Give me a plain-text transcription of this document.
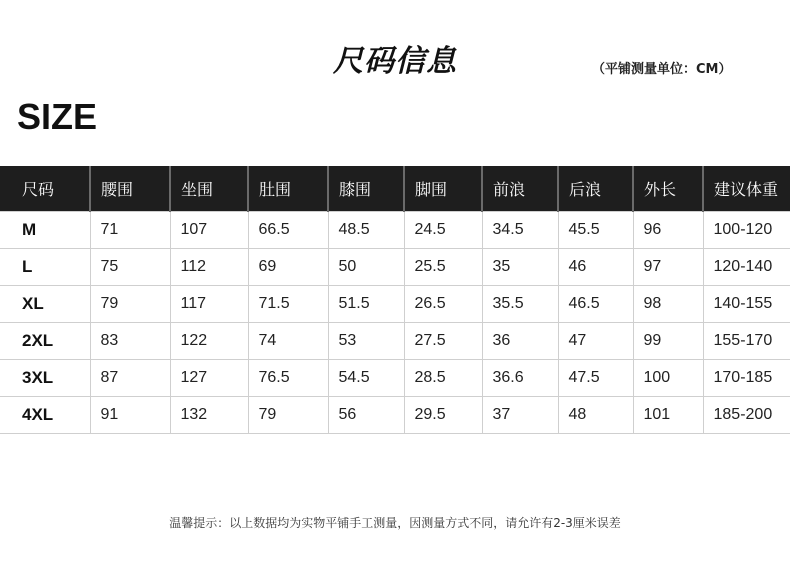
尺码信息	（平铺测量单位：CM）
SIZE
尺码	腰围	坐围	肚围	膝围	脚围	前浪	后浪	外长	建议体重
M	71	107	66.5	48.5	24.5	34.5	45.5	96	100-120
L	75	112	69	50	25.5	35	46	97	120-140
XL	79	117	71.5	51.5	26.5	35.5	46.5	98	140-155
2XL	83	122	74	53	27.5	36	47	99	155-170
3XL	87	127	76.5	54.5	28.5	36.6	47.5	100	170-185
4XL	91	132	79	56	29.5	37	48	101	185-200
温馨提示：以上数据均为实物平铺手工测量，因测量方式不同，请允许有2-3厘米误差
